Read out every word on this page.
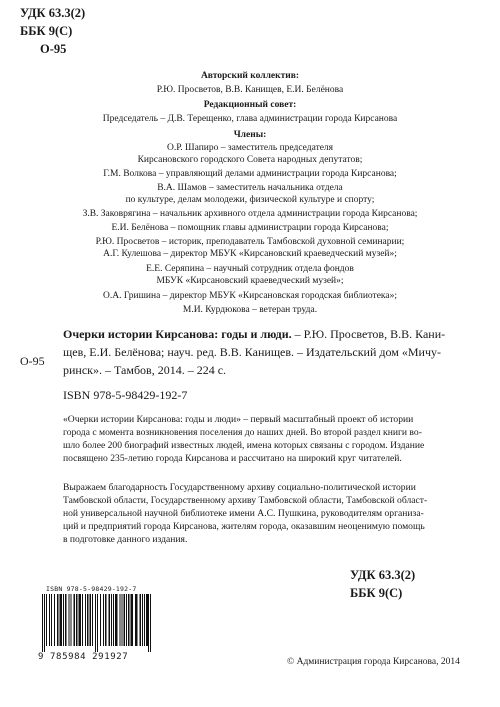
УДК 63.3(2)
ББК 9(С)
О-95
Авторский коллектив:
Р.Ю. Просветов, В.В. Канищев, Е.И. Белёнова
Редакционный совет:
Председатель – Д.В. Терещенко, глава администрации города Кирсанова
Члены:
О.Р. Шапиро – заместитель председателя
Кирсановского городского Совета народных депутатов;
Г.М. Волкова – управляющий делами администрации города Кирсанова;
В.А. Шамов – заместитель начальника отдела
по культуре, делам молодежи, физической культуре и спорту;
З.В. Заковрягина – начальник архивного отдела администрации города Кирсанова;
Е.И. Белёнова – помощник главы администрации города Кирсанова;
Р.Ю. Просветов – историк, преподаватель Тамбовской духовной семинарии;
А.Г. Кулешова – директор МБУК «Кирсановский краеведческий музей»;
Е.Е. Серяпина – научный сотрудник отдела фондов
МБУК «Кирсановский краеведческий музей»;
О.А. Гришина – директор МБУК «Кирсановская городская библиотека»;
М.И. Курдюкова – ветеран труда.
О-95
Очерки истории Кирсанова: годы и люди. – Р.Ю. Просветов, В.В. Кани-
щев, Е.И. Белёнова; науч. ред. В.В. Канищев. – Издательский дом «Мичу-
ринск». – Тамбов, 2014. – 224 с.
ISBN 978-5-98429-192-7
«Очерки истории Кирсанова: годы и люди» – первый масштабный проект об истории
города с момента возникновения поселения до наших дней. Во второй раздел книги во-
шло более 200 биографий известных людей, имена которых связаны с городом. Издание
посвящено 235-летию города Кирсанова и рассчитано на широкий круг читателей.
Выражаем благодарность Государственному архиву социально-политической истории
Тамбовской области, Государственному архиву Тамбовской области, Тамбовской област-
ной универсальной научной библиотеке имени А.С. Пушкина, руководителям организа-
ций и предприятий города Кирсанова, жителям города, оказавшим неоценимую помощь
в подготовке данного издания.
ISBN 978-5-98429-192-7
9 785984 291927
УДК 63.3(2)
ББК 9(С)
© Администрация города Кирсанова, 2014
